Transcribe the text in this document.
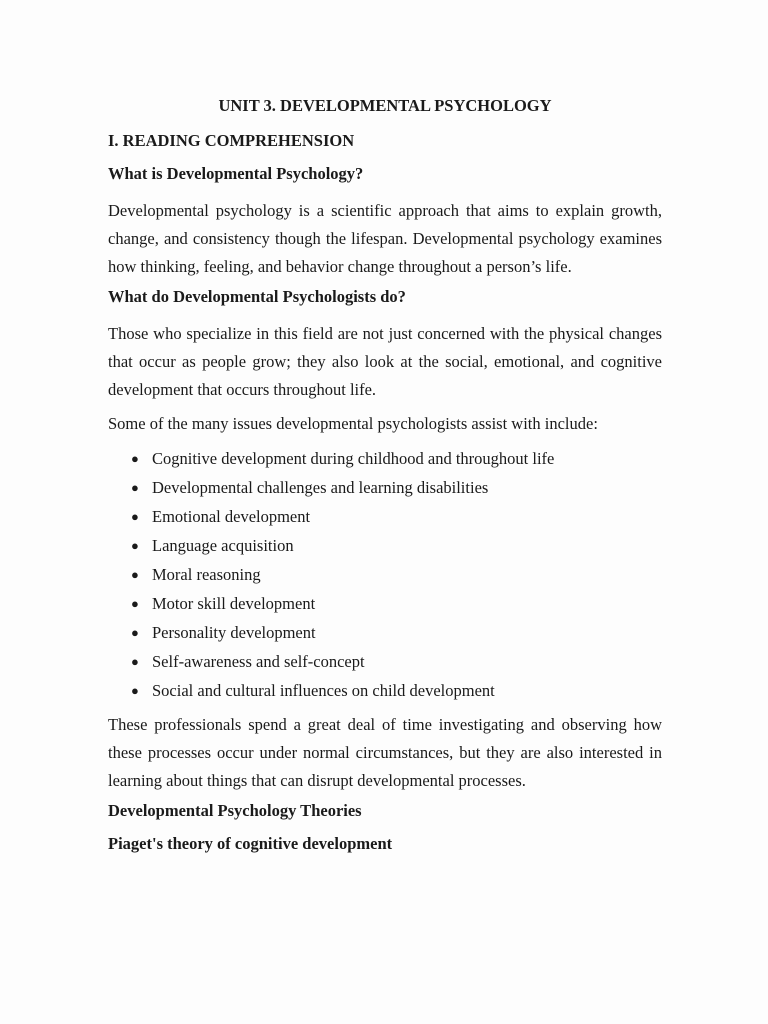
UNIT 3. DEVELOPMENTAL PSYCHOLOGY
I. READING COMPREHENSION
What is Developmental Psychology?

Developmental psychology is a scientific approach that aims to explain growth, change, and consistency though the lifespan. Developmental psychology examines how thinking, feeling, and behavior change throughout a person’s life.

What do Developmental Psychologists do?

Those who specialize in this field are not just concerned with the physical changes that occur as people grow; they also look at the social, emotional, and cognitive development that occurs throughout life.

Some of the many issues developmental psychologists assist with include:

● Cognitive development during childhood and throughout life
● Developmental challenges and learning disabilities
● Emotional development
● Language acquisition
● Moral reasoning
● Motor skill development
● Personality development
● Self-awareness and self-concept
● Social and cultural influences on child development

These professionals spend a great deal of time investigating and observing how these processes occur under normal circumstances, but they are also interested in learning about things that can disrupt developmental processes.

Developmental Psychology Theories
Piaget's theory of cognitive development
